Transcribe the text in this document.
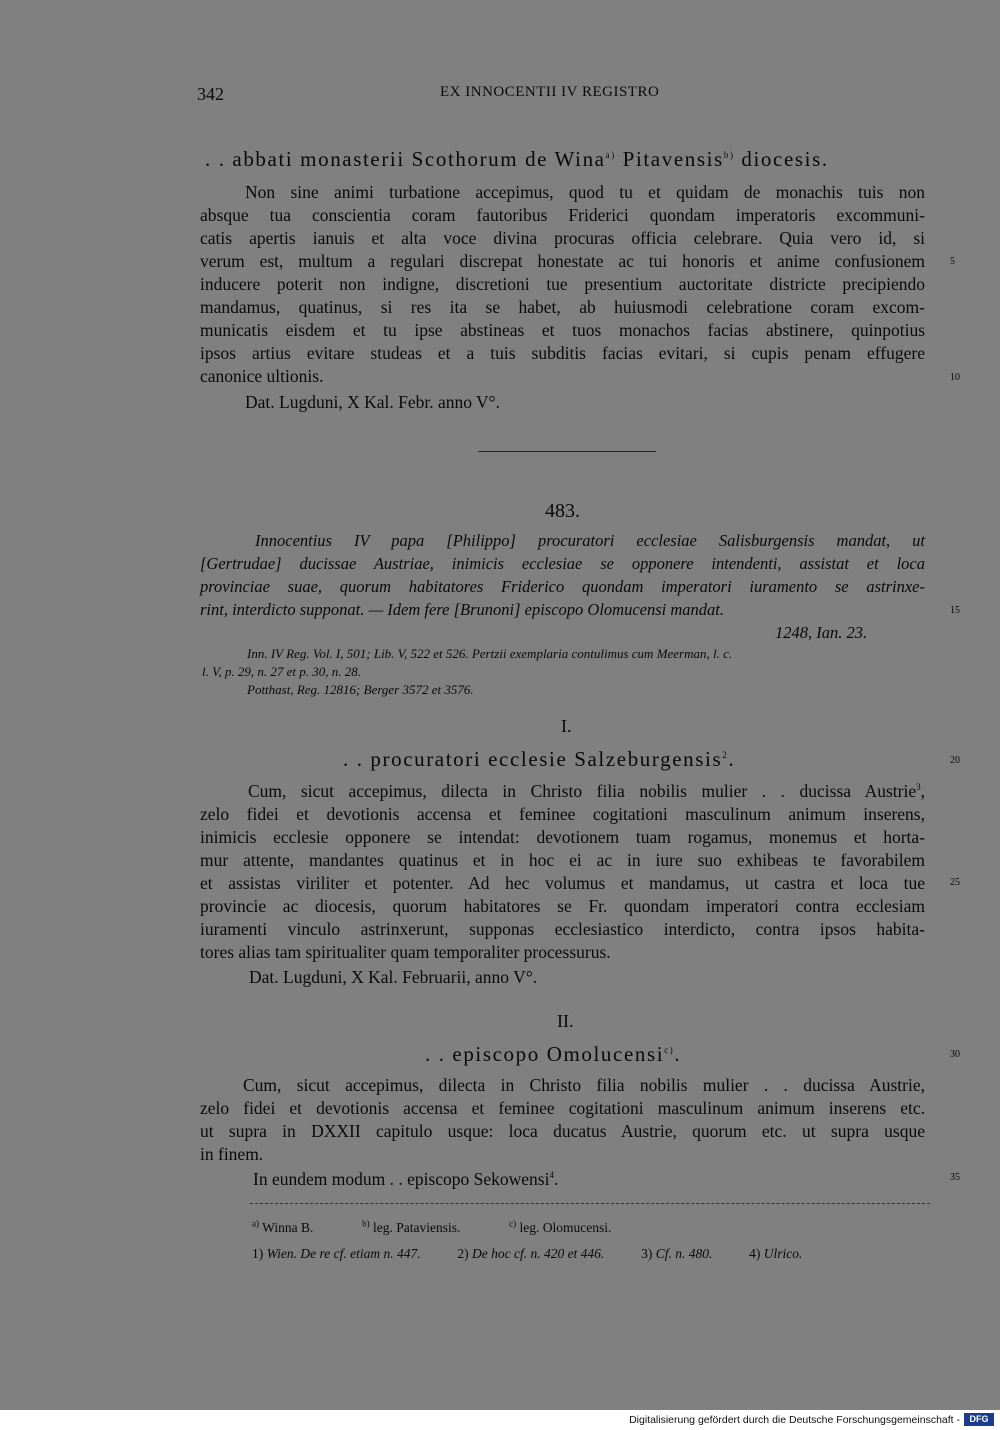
342	EX INNOCENTII IV REGISTRO
. . abbati monasterii Scothorum de Wina$^{a)}$ Pitavensis$^{b)}$ diocesis.
Non sine animi turbatione accepimus, quod tu et quidam de monachis tuis non
absque tua conscientia coram fautoribus Friderici quondam imperatoris excommuni-
catis apertis ianuis et alta voce divina procuras officia celebrare. Quia vero id, si
verum est, multum a regulari discrepat honestate ac tui honoris et anime confusionem
inducere poterit non indigne, discretioni tue presentium auctoritate districte precipiendo
mandamus, quatinus, si res ita se habet, ab huiusmodi celebratione coram excom-
municatis eisdem et tu ipse abstineas et tuos monachos facias abstinere, quinpotius
ipsos artius evitare studeas et a tuis subditis facias evitari, si cupis penam effugere
canonice ultionis.
Dat. Lugduni, X Kal. Febr. anno V°.
5
10
483.
Innocentius IV papa [Philippo] procuratori ecclesiae Salisburgensis mandat, ut
[Gertrudae] ducissae Austriae, inimicis ecclesiae se opponere intendenti, assistat et loca
provinciae suae, quorum habitatores Friderico quondam imperatori iuramento se astrinxe-
rint, interdicto supponat. — Idem fere [Brunoni] episcopo Olomucensi mandat.
1248, Ian. 23.
15
Inn. IV Reg. Vol. I, 501; Lib. V, 522 et 526. Pertzii exemplaria contulimus cum Meerman, l. c.
l. V, p. 29, n. 27 et p. 30, n. 28.
Potthast, Reg. 12816; Berger 3572 et 3576.
I.
. . procuratori ecclesie Salzeburgensis$^2$.	20
Cum, sicut accepimus, dilecta in Christo filia nobilis mulier . . ducissa Austrie$^3$,
zelo fidei et devotionis accensa et feminee cogitationi masculinum animum inserens,
inimicis ecclesie opponere se intendat: devotionem tuam rogamus, monemus et horta-
mur attente, mandantes quatinus et in hoc ei ac in iure suo exhibeas te favorabilem
et assistas viriliter et potenter. Ad hec volumus et mandamus, ut castra et loca tue
provincie ac diocesis, quorum habitatores se Fr. quondam imperatori contra ecclesiam
iuramenti vinculo astrinxerunt, supponas ecclesiastico interdicto, contra ipsos habita-
tores alias tam spiritualiter quam temporaliter processurus.
25
Dat. Lugduni, X Kal. Februarii, anno V°.
II.
. . episcopo Omolucensi$^{c)}$.	30
Cum, sicut accepimus, dilecta in Christo filia nobilis mulier . . ducissa Austrie,
zelo fidei et devotionis accensa et feminee cogitationi masculinum animum inserens etc.
ut supra in DXXII capitulo usque: loca ducatus Austrie, quorum etc. ut supra usque
in finem.
In eundem modum . . episcopo Sekowensi$^4$.	35
$^{a)}$ Winna B.	$^{b)}$ leg. Pataviensis.	$^{c)}$ leg. Olomucensi.
1) Wien. De re cf. etiam n. 447.	2) De hoc cf. n. 420 et 446.	3) Cf. n. 480.	4) Ulrico.
Digitalisierung gefördert durch die Deutsche Forschungsgemeinschaft -	DFG
